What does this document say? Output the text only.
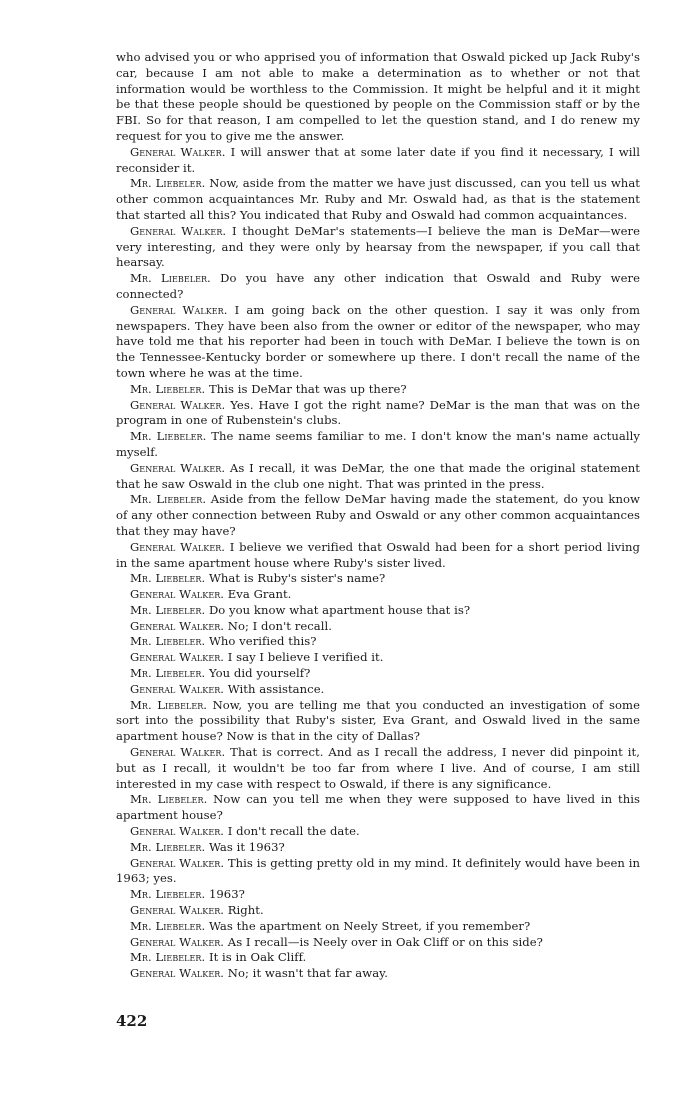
who advised you or who apprised you of information that Oswald picked up Jack Ruby's car, because I am not able to make a determination as to whether or not that information would be worthless to the Commission. It might be helpful and it it might be that these people should be questioned by people on the Commission staff or by the FBI. So for that reason, I am compelled to let the question stand, and I do renew my request for you to give me the answer.

General Walker. I will answer that at some later date if you find it necessary, I will reconsider it.

Mr. Liebeler. Now, aside from the matter we have just discussed, can you tell us what other common acquaintances Mr. Ruby and Mr. Oswald had, as that is the statement that started all this? You indicated that Ruby and Oswald had common acquaintances.

General Walker. I thought DeMar's statements—I believe the man is DeMar—were very interesting, and they were only by hearsay from the newspaper, if you call that hearsay.

Mr. Liebeler. Do you have any other indication that Oswald and Ruby were connected?

General Walker. I am going back on the other question. I say it was only from newspapers. They have been also from the owner or editor of the newspaper, who may have told me that his reporter had been in touch with DeMar. I believe the town is on the Tennessee-Kentucky border or somewhere up there. I don't recall the name of the town where he was at the time.

Mr. Liebeler. This is DeMar that was up there?

General Walker. Yes. Have I got the right name? DeMar is the man that was on the program in one of Rubenstein's clubs.

Mr. Liebeler. The name seems familiar to me. I don't know the man's name actually myself.

General Walker. As I recall, it was DeMar, the one that made the original statement that he saw Oswald in the club one night. That was printed in the press.

Mr. Liebeler. Aside from the fellow DeMar having made the statement, do you know of any other connection between Ruby and Oswald or any other common acquaintances that they may have?

General Walker. I believe we verified that Oswald had been for a short period living in the same apartment house where Ruby's sister lived.

Mr. Liebeler. What is Ruby's sister's name?

General Walker. Eva Grant.

Mr. Liebeler. Do you know what apartment house that is?

General Walker. No; I don't recall.

Mr. Liebeler. Who verified this?

General Walker. I say I believe I verified it.

Mr. Liebeler. You did yourself?

General Walker. With assistance.

Mr. Liebeler. Now, you are telling me that you conducted an investigation of some sort into the possibility that Ruby's sister, Eva Grant, and Oswald lived in the same apartment house? Now is that in the city of Dallas?

General Walker. That is correct. And as I recall the address, I never did pinpoint it, but as I recall, it wouldn't be too far from where I live. And of course, I am still interested in my case with respect to Oswald, if there is any significance.

Mr. Liebeler. Now can you tell me when they were supposed to have lived in this apartment house?

General Walker. I don't recall the date.

Mr. Liebeler. Was it 1963?

General Walker. This is getting pretty old in my mind. It definitely would have been in 1963; yes.

Mr. Liebeler. 1963?

General Walker. Right.

Mr. Liebeler. Was the apartment on Neely Street, if you remember?

General Walker. As I recall—is Neely over in Oak Cliff or on this side?

Mr. Liebeler. It is in Oak Cliff.

General Walker. No; it wasn't that far away.

422
